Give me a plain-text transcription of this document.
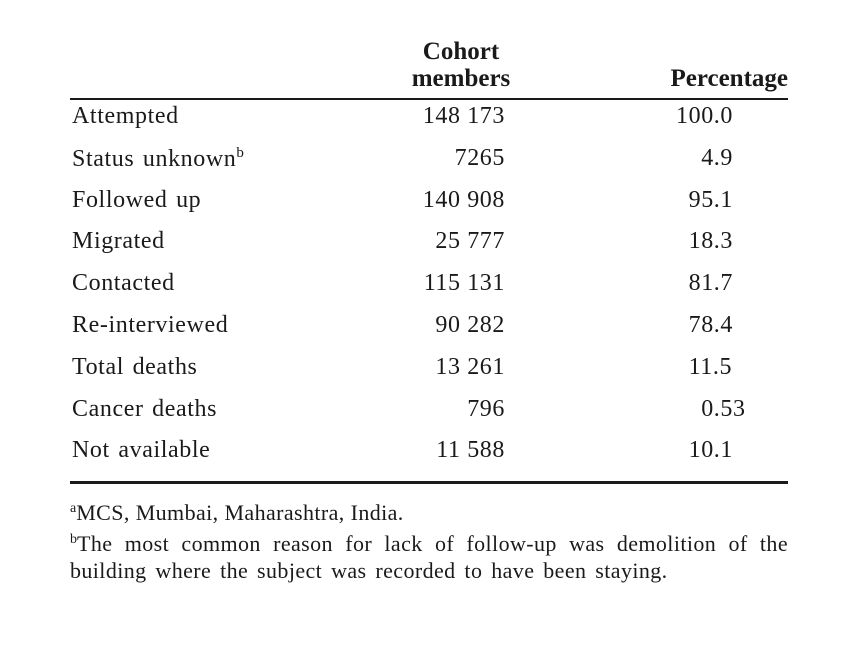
Cohort
members	Percentage
Attempted	148 173	100.0
Status unknown$^b$	7265	  4.9
Followed up	140 908	 95.1
Migrated	25 777	 18.3
Contacted	115 131	 81.7
Re-interviewed	90 282	 78.4
Total deaths	13 261	 11.5
Cancer deaths	796	  0.53
Not available	11 588	 10.1

$^a$MCS, Mumbai, Maharashtra, India.

$^b$The most common reason for lack of follow-up was demolition of the building where the subject was recorded to have been staying.
